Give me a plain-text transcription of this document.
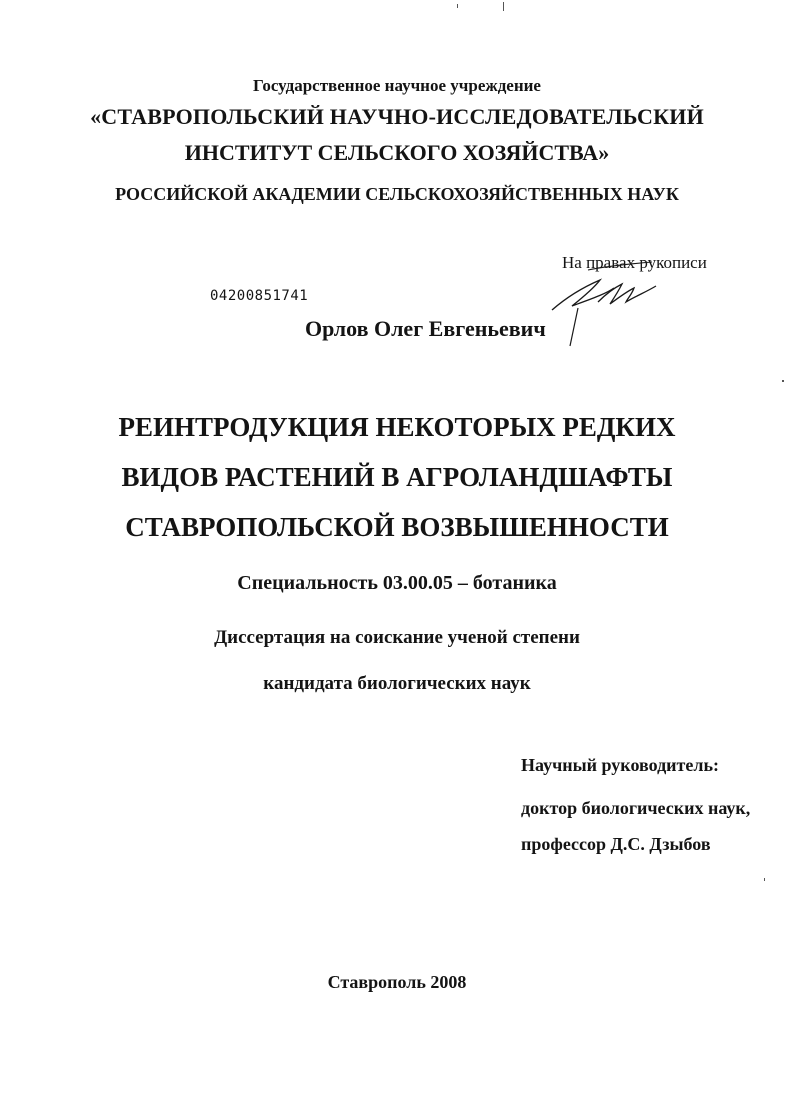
Государственное научное учреждение
«СТАВРОПОЛЬСКИЙ НАУЧНО-ИССЛЕДОВАТЕЛЬСКИЙ
ИНСТИТУТ СЕЛЬСКОГО ХОЗЯЙСТВА»
РОССИЙСКОЙ АКАДЕМИИ СЕЛЬСКОХОЗЯЙСТВЕННЫХ НАУК
На правах рукописи
04200851741
Орлов Олег Евгеньевич
РЕИНТРОДУКЦИЯ НЕКОТОРЫХ РЕДКИХ
ВИДОВ РАСТЕНИЙ В АГРОЛАНДШАФТЫ
СТАВРОПОЛЬСКОЙ ВОЗВЫШЕННОСТИ
Специальность 03.00.05 – ботаника
Диссертация на соискание ученой степени
кандидата биологических наук
Научный руководитель:
доктор биологических наук,
профессор Д.С. Дзыбов
Ставрополь 2008
